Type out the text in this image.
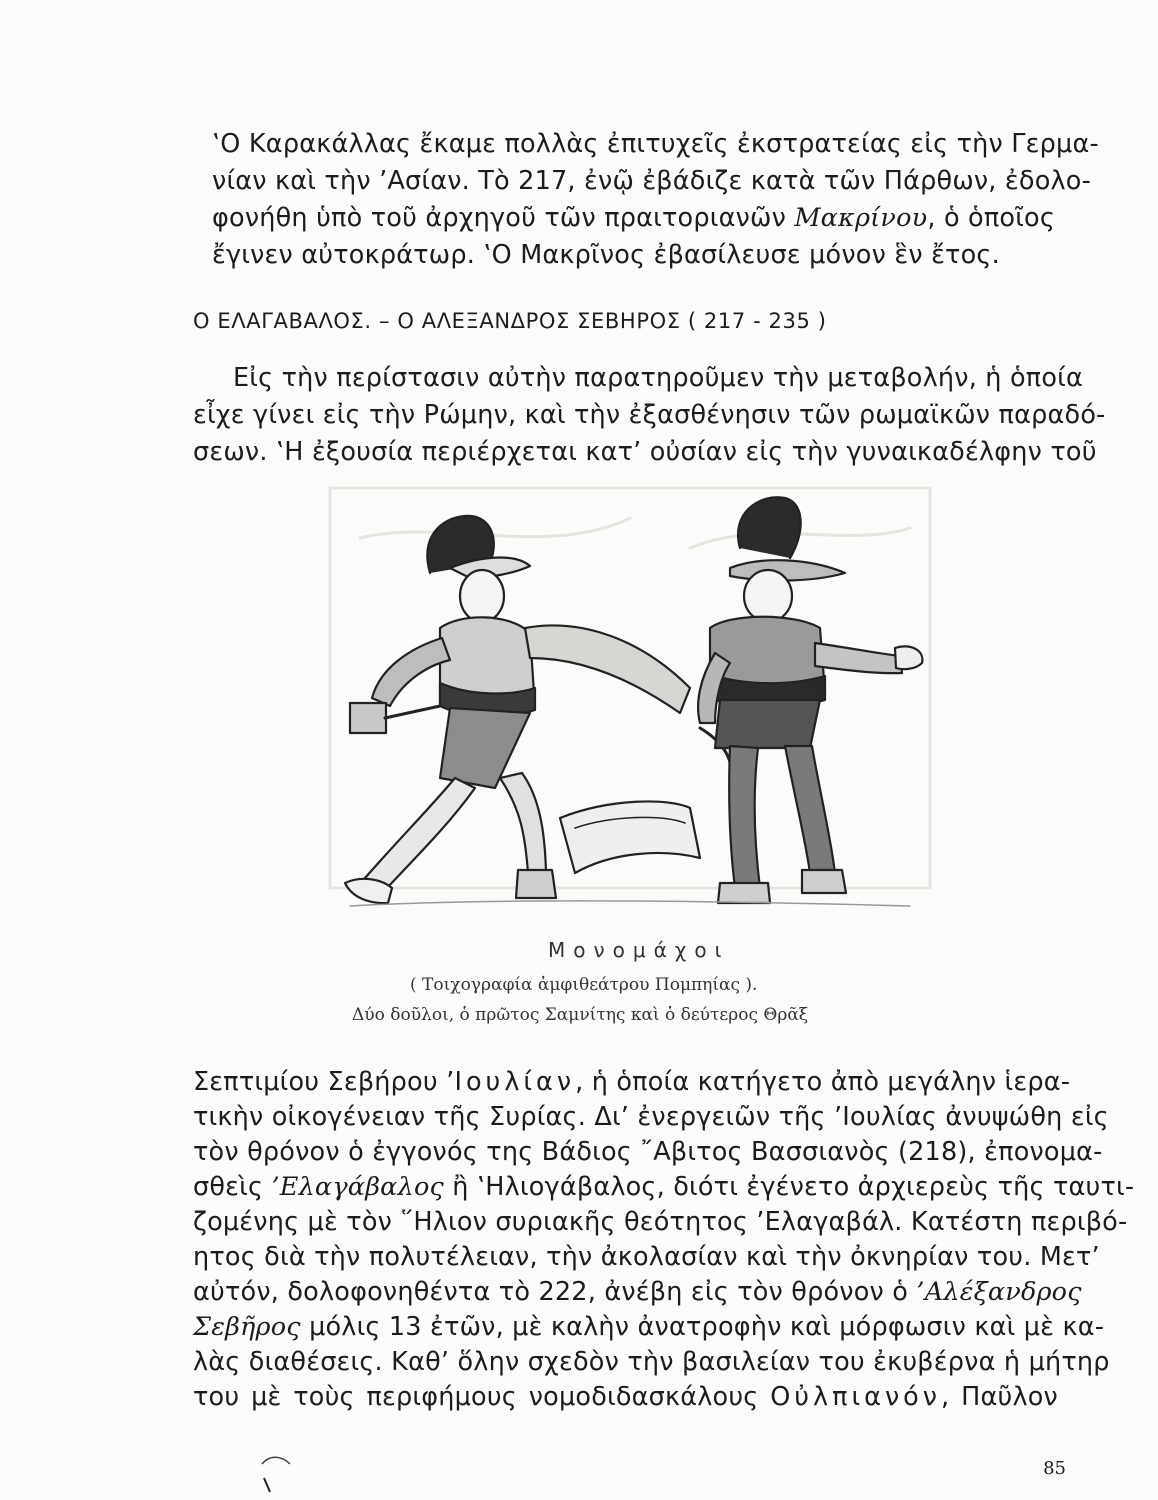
‛Ο Καρακάλλας ἔκαμε πολλὰς ἐπιτυχεῖς ἐκστρατείας εἰς τὴν Γερμα-
νίαν καὶ τὴν ’Ασίαν. Τὸ 217, ἐνῷ ἐβάδιζε κατὰ τῶν Πάρθων, ἐδολο-
φονήθη ὑπὸ τοῦ ἀρχηγοῦ τῶν πραιτοριανῶν Μακρίνου, ὁ ὁποῖος
ἔγινεν αὐτοκράτωρ. ‛Ο Μακρῖνος ἐβασίλευσε μόνον ἓν ἔτος.

Ο ΕΛΑΓΑΒΑΛΟΣ. – Ο ΑΛΕΞΑΝΔΡΟΣ ΣΕΒΗΡΟΣ ( 217 - 235 )

Εἰς τὴν περίστασιν αὐτὴν παρατηροῦμεν τὴν μεταβολήν, ἡ ὁποία
εἶχε γίνει εἰς τὴν Ρώμην, καὶ τὴν ἐξασθένησιν τῶν ρωμαϊκῶν παραδό-
σεων. ‛Η ἐξουσία περιέρχεται κατ’ οὐσίαν εἰς τὴν γυναικαδέλφην τοῦ

Μονομάχοι
( Τοιχογραφία ἀμφιθεάτρου Πομπηίας ).
Δύο δοῦλοι, ὁ πρῶτος Σαμνίτης καὶ ὁ δεύτερος Θρᾶξ

Σεπτιμίου Σεβήρου ’Ιουλίαν, ἡ ὁποία κατήγετο ἀπὸ μεγάλην ἱερα-
τικὴν οἰκογένειαν τῆς Συρίας. Δι’ ἐνεργειῶν τῆς ’Ιουλίας ἀνυψώθη εἰς
τὸν θρόνον ὁ ἐγγονός της Βάδιος ῎Αβιτος Βασσιανὸς (218), ἐπονομα-
σθεὶς ’Ελαγάβαλος ἢ ‛Ηλιογάβαλος, διότι ἐγένετο ἀρχιερεὺς τῆς ταυτι-
ζομένης μὲ τὸν ῞Ηλιον συριακῆς θεότητος ’Ελαγαβάλ. Κατέστη περιβό-
ητος διὰ τὴν πολυτέλειαν, τὴν ἀκολασίαν καὶ τὴν ὀκνηρίαν του. Μετ’
αὐτόν, δολοφονηθέντα τὸ 222, ἀνέβη εἰς τὸν θρόνον ὁ ’Αλέξανδρος
Σεβῆρος μόλις 13 ἐτῶν, μὲ καλὴν ἀνατροφὴν καὶ μόρφωσιν καὶ μὲ κα-
λὰς διαθέσεις. Καθ’ ὅλην σχεδὸν τὴν βασιλείαν του ἐκυβέρνα ἡ μήτηρ
του μὲ τοὺς περιφήμους νομοδιδασκάλους Οὐλπιανόν, Παῦλον

85
